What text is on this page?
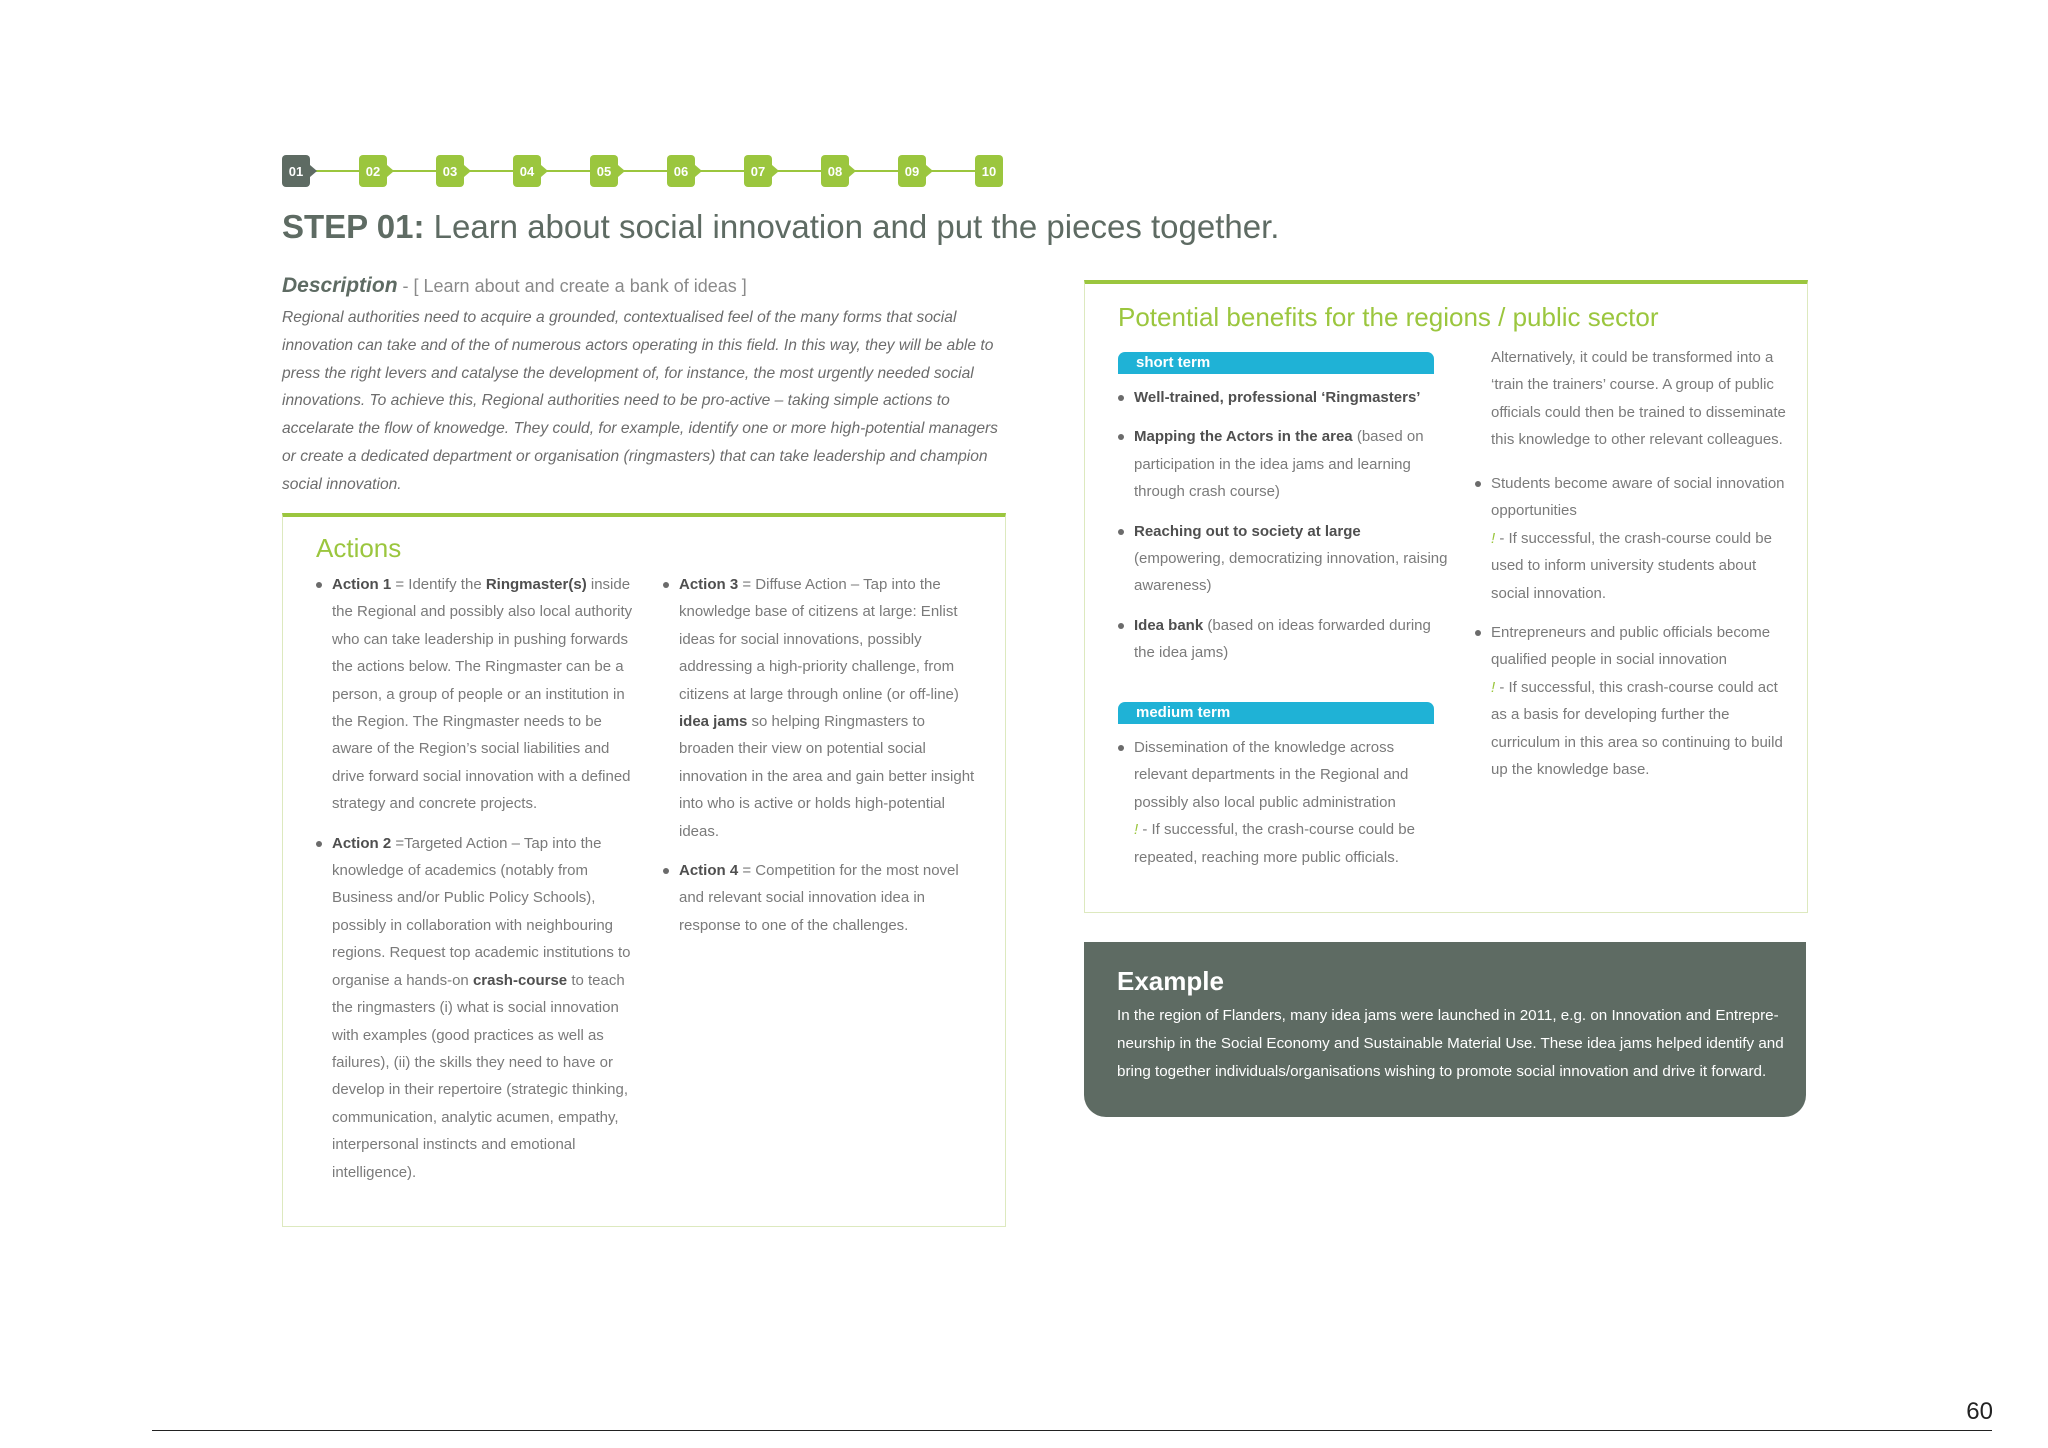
01	02	03	04	05	06	07	08	09	10
STEP 01: Learn about social innovation and put the pieces together.
Description - [ Learn about and create a bank of ideas ]
Regional authorities need to acquire a grounded, contextualised feel of the many forms that social innovation can take and of the of numerous actors operating in this field. In this way, they will be able to press the right levers and catalyse the development of, for instance, the most urgently needed social innovations. To achieve this, Regional authorities need to be pro-active – taking simple actions to accelarate the flow of knowedge. They could, for example, identify one or more high-potential managers or create a dedicated department or organisation (ringmasters) that can take leadership and champion social innovation.
Actions
Action 1 = Identify the Ringmaster(s) inside the Regional and possibly also local authority who can take leadership in pushing forwards the actions below. The Ringmaster can be a person, a group of people or an institution in the Region. The Ringmaster needs to be aware of the Region’s social liabilities and drive forward social innovation with a defined strategy and concrete projects.
Action 2 =Targeted Action – Tap into the knowledge of academics (notably from Business and/or Public Policy Schools), possibly in collaboration with neighbouring regions. Request top academic institutions to organise a hands-on crash-course to teach the ringmasters (i) what is social innovation with examples (good practices as well as failures), (ii) the skills they need to have or develop in their repertoire (strategic thinking, communication, analytic acumen, empathy, interpersonal instincts and emotional intelligence).
Action 3 = Diffuse Action – Tap into the knowledge base of citizens at large: Enlist ideas for social innovations, possibly addressing a high-priority challenge, from citizens at large through online (or off-line) idea jams so helping Ringmasters to broaden their view on potential social innovation in the area and gain better insight into who is active or holds high-potential ideas.
Action 4 = Competition for the most novel and relevant social innovation idea in response to one of the challenges.
Potential benefits for the regions / public sector
short term
Well-trained, professional ‘Ringmasters’
Mapping the Actors in the area (based on participation in the idea jams and learning through crash course)
Reaching out to society at large (empowering, democratizing innovation, raising awareness)
Idea bank (based on ideas forwarded during the idea jams)
medium term
Dissemination of the knowledge across relevant departments in the Regional and possibly also local public administration
! - If successful, the crash-course could be repeated, reaching more public officials.
Alternatively, it could be transformed into a ‘train the trainers’ course. A group of public officials could then be trained to disseminate this knowledge to other relevant colleagues.
Students become aware of social innovation opportunities
! - If successful, the crash-course could be used to inform university students about social innovation.
Entrepreneurs and public officials become qualified people in social innovation
! - If successful, this crash-course could act as a basis for developing further the curriculum in this area so continuing to build up the knowledge base.
Example
In the region of Flanders, many idea jams were launched in 2011, e.g. on Innovation and Entrepre-neurship in the Social Economy and Sustainable Material Use. These idea jams helped identify and bring together individuals/organisations wishing to promote social innovation and drive it forward.
60
